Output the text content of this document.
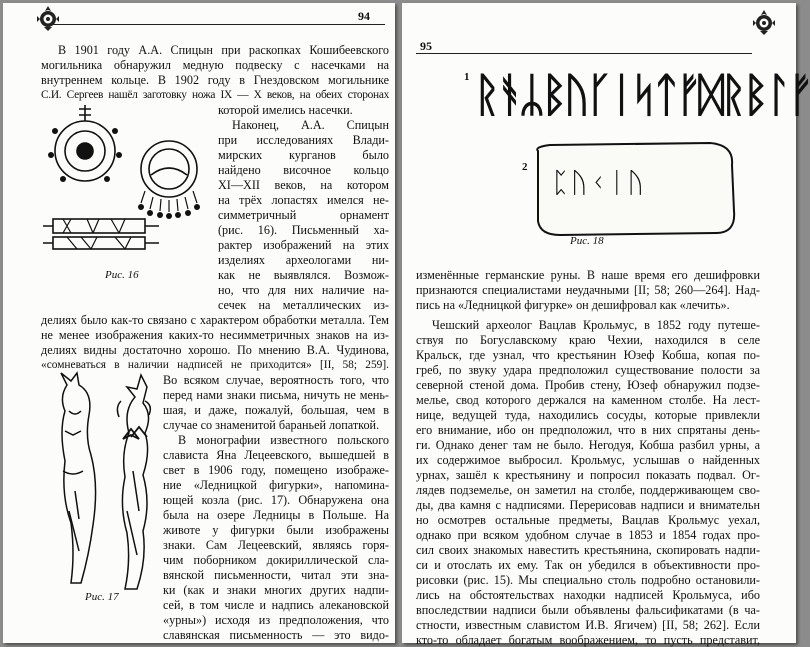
94

В 1901 году А.А. Спицын при раскопках Кошибеевского

могильника обнаружил медную подвеску с насечками на

внутреннем кольце. В 1902 году в Гнездовском могильнике

С.И. Сергеев нашёл заготовку ножа IX — X веков, на обеих сторонах

которой имелись насечки.

Наконец, А.А. Спицын

при исследованиях Влади-

мирских курганов было

найдено височное кольцо

XI—XII веков, на котором

на трёх лопастях имелся не-

симметричный орнамент

(рис. 16). Письменный ха-

рактер изображений на этих

изделиях археологами ни-

как не выявлялся. Возмож-

но, что для них наличие на-

сечек на металлических из-

Рис. 16

делиях было как-то связано с характером обработки металла. Тем

не менее изображения каких-то несимметричных знаков на из-

делиях видны достаточно хорошо. По мнению В.А. Чудинова,

«сомневаться в наличии надписей не приходится» [II, 58; 259].

Рис. 17

Во всяком случае, вероятность того, что

перед нами знаки письма, ничуть не мень-

шая, и даже, пожалуй, большая, чем в

случае со знаменитой бараньей лопаткой.

В монографии известного польского

слависта Яна Лецеевского, вышедшей в

свет в 1906 году, помещено изображе-

ние «Ледницкой фигурки», напомина-

ющей козла (рис. 17). Обнаружена она

была на озере Ледницы в Польше. На

животе у фигурки были изображены

знаки. Сам Лецеевский, являясь горя-

чим поборником докириллической сла-

вянской письменности, читал эти зна-

ки (как и знаки многих других надпи-

сей, в том числе и надпись алекановской

«урны») исходя из предположения, что

славянская письменность — это видо-

95
1 ᚱᚬᛦᛒᚢᚴᛁᛋᛏᚠᛞᚱᛒᛚᚠ
2 ᛈᚢᚲᛁᚢ
Рис. 18

изменённые германские руны. В наше время его дешифровки

признаются специалистами неудачными [II; 58; 260—264]. Над-

пись на «Ледницкой фигурке» он дешифровал как «лечить».

Чешский археолог Вацлав Крольмус, в 1852 году путеше-

ствуя по Богуславскому краю Чехии, находился в селе

Кральск, где узнал, что крестьянин Юзеф Кобша, копая по-

греб, по звуку удара предположил существование полости за

северной стеной дома. Пробив стену, Юзеф обнаружил подзе-

мелье, свод которого держался на каменном столбе. На лест-

нице, ведущей туда, находились сосуды, которые привлекли

его внимание, ибо он предположил, что в них спрятаны день-

ги. Однако денег там не было. Негодуя, Кобша разбил урны, а

их содержимое выбросил. Крольмус, услышав о найденных

урнах, зашёл к крестьянину и попросил показать подвал. Ог-

лядев подземелье, он заметил на столбе, поддерживающем сво-

ды, два камня с надписями. Перерисовав надписи и внимательн

но осмотрев остальные предметы, Вацлав Крольмус уехал,

однако при всяком удобном случае в 1853 и 1854 годах про-

сил своих знакомых навестить крестьянина, скопировать надпи-

си и отослать их ему. Так он убедился в объективности про-

рисовки (рис. 15). Мы специально столь подробно остановили-

лись на обстоятельствах находки надписей Крольмуса, ибо

впоследствии надписи были объявлены фальсификатами (в ча-

стности, известным славистом И.В. Ягичем) [II, 58; 262]. Если

кто-то обладает богатым воображением, то пусть представит,
